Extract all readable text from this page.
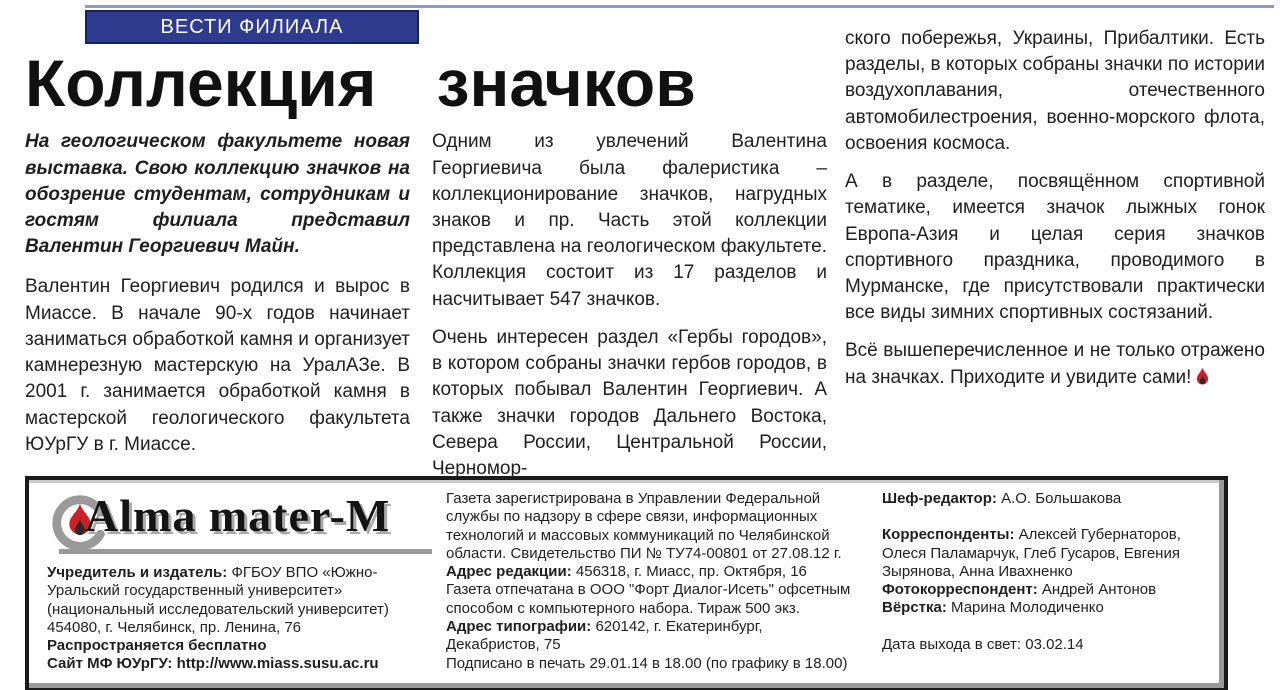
ВЕСТИ ФИЛИАЛА
Коллекция значков

На геологическом факультете новая выставка. Свою коллекцию значков на обозрение студентам, сотрудникам и гостям филиала представил Валентин Георгиевич Майн.

Валентин Георгиевич родился и вырос в Миассе. В начале 90-х годов начинает заниматься обработкой камня и организует камнерезную мастерскую на УралАЗе. В 2001 г. занимается обработкой камня в мастерской геологического факультета ЮУрГУ в г. Миассе.

Одним из увлечений Валентина Георгиевича была фалеристика – коллекционирование значков, нагрудных знаков и пр. Часть этой коллекции представлена на геологическом факультете. Коллекция состоит из 17 разделов и насчитывает 547 значков.

Очень интересен раздел «Гербы городов», в котором собраны значки гербов городов, в которых побывал Валентин Георгиевич. А также значки городов Дальнего Востока, Севера России, Центральной России, Черномор-

ского побережья, Украины, Прибалтики. Есть разделы, в которых собраны значки по истории воздухоплавания, отечественного автомобилестроения, военно-морского флота, освоения космоса.

А в разделе, посвящённом спортивной тематике, имеется значок лыжных гонок Европа-Азия и целая серия значков спортивного праздника, проводимого в Мурманске, где присутствовали практически все виды зимних спортивных состязаний.

Всё вышеперечисленное и не только отражено на значках. Приходите и увидите сами!

Alma mater-M

Учредитель и издатель: ФГБОУ ВПО «Южно-Уральский государственный университет» (национальный исследовательский университет)

454080, г. Челябинск, пр. Ленина, 76

Распространяется бесплатно

Сайт МФ ЮУрГУ: http://www.miass.susu.ac.ru

Газета зарегистрирована в Управлении Федеральной службы по надзору в сфере связи, информационных технологий и массовых коммуникаций по Челябинской области. Свидетельство ПИ № ТУ74-00801 от 27.08.12 г.

Адрес редакции: 456318, г. Миасс, пр. Октября, 16

Газета отпечатана в ООО "Форт Диалог-Исеть" офсетным способом с компьютерного набора. Тираж 500 экз.

Адрес типографии: 620142, г. Екатеринбург, Декабристов, 75

Подписано в печать 29.01.14 в 18.00 (по графику в 18.00)

Шеф-редактор: А.О. Большакова

Корреспонденты: Алексей Губернаторов, Олеся Паламарчук, Глеб Гусаров, Евгения Зырянова, Анна Ивахненко

Фотокорреспондент: Андрей Антонов

Вёрстка: Марина Молодиченко

Дата выхода в свет: 03.02.14
